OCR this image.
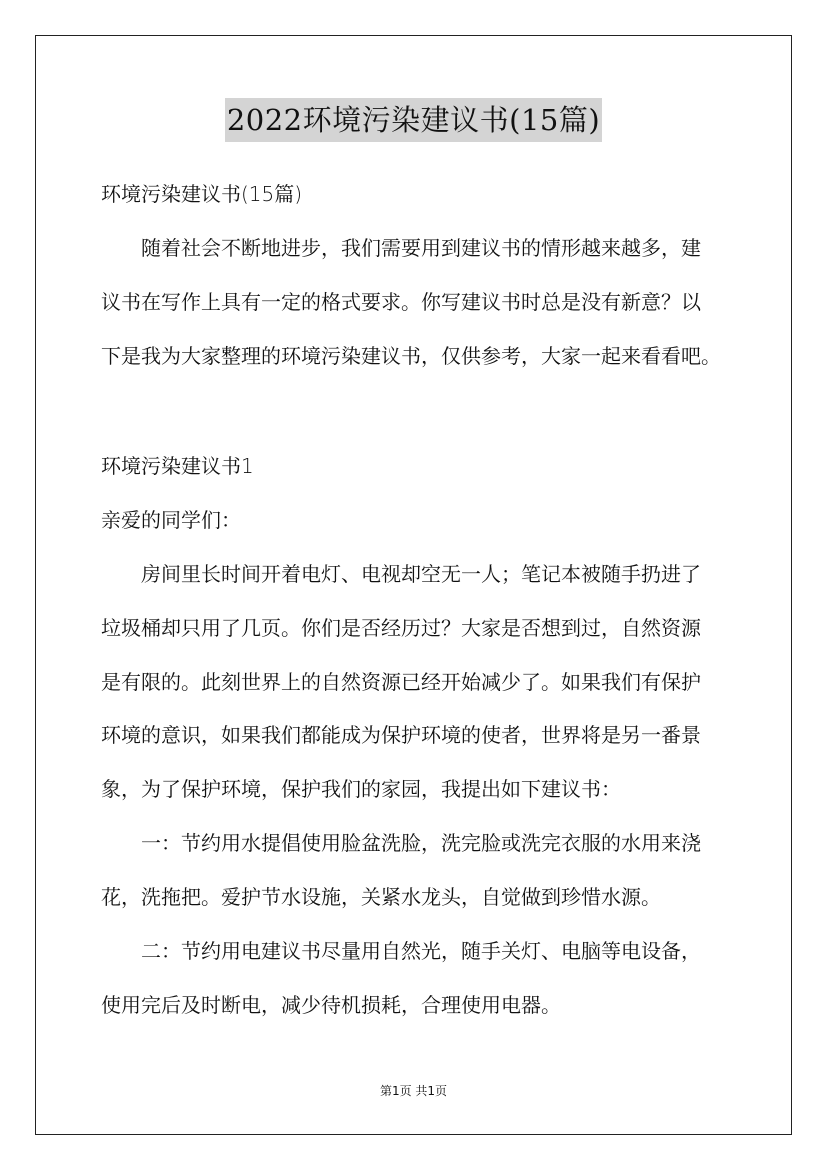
2022环境污染建议书(15篇)
环境污染建议书(15篇)
　　随着社会不断地进步，我们需要用到建议书的情形越来越多，建
议书在写作上具有一定的格式要求。你写建议书时总是没有新意？以
下是我为大家整理的环境污染建议书，仅供参考，大家一起来看看吧。
环境污染建议书1
亲爱的同学们：
　　房间里长时间开着电灯、电视却空无一人；笔记本被随手扔进了
垃圾桶却只用了几页。你们是否经历过？大家是否想到过，自然资源
是有限的。此刻世界上的自然资源已经开始减少了。如果我们有保护
环境的意识，如果我们都能成为保护环境的使者，世界将是另一番景
象，为了保护环境，保护我们的家园，我提出如下建议书：
　　一：节约用水提倡使用脸盆洗脸，洗完脸或洗完衣服的水用来浇
花，洗拖把。爱护节水设施，关紧水龙头，自觉做到珍惜水源。
　　二：节约用电建议书尽量用自然光，随手关灯、电脑等电设备，
使用完后及时断电，减少待机损耗，合理使用电器。
第1页 共1页
